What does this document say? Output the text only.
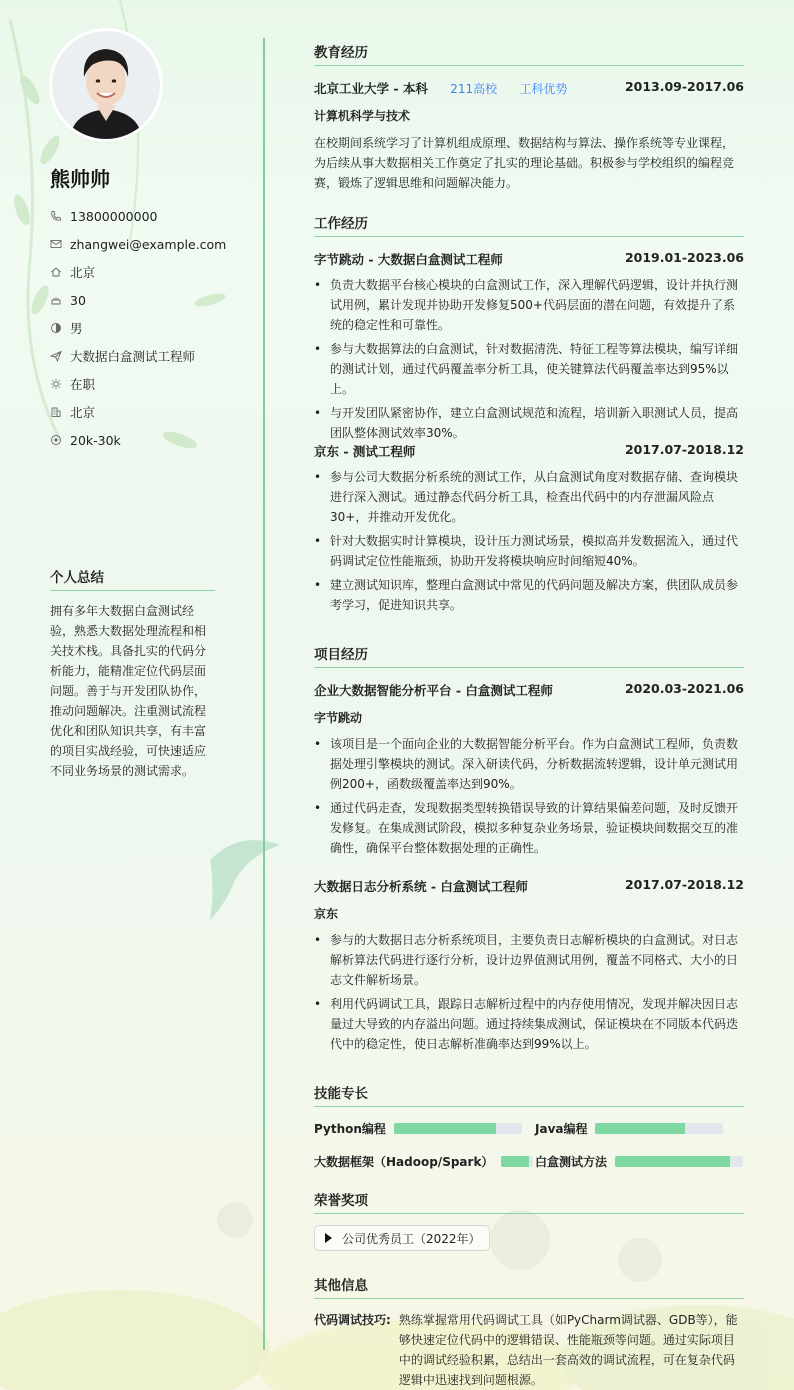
熊帅帅
13800000000
zhangwei@example.com
北京
30
男
大数据白盒测试工程师
在职
北京
20k-30k
个人总结
拥有多年大数据白盒测试经验，熟悉大数据处理流程和相关技术栈。具备扎实的代码分析能力，能精准定位代码层面问题。善于与开发团队协作，推动问题解决。注重测试流程优化和团队知识共享，有丰富的项目实战经验，可快速适应不同业务场景的测试需求。
教育经历
北京工业大学 - 本科 211高校 工科优势	2013.09-2017.06
计算机科学与技术
在校期间系统学习了计算机组成原理、数据结构与算法、操作系统等专业课程，为后续从事大数据相关工作奠定了扎实的理论基础。积极参与学校组织的编程竞赛，锻炼了逻辑思维和问题解决能力。
工作经历
字节跳动 - 大数据白盒测试工程师	2019.01-2023.06
• 负责大数据平台核心模块的白盒测试工作，深入理解代码逻辑，设计并执行测试用例，累计发现并协助开发修复500+代码层面的潜在问题，有效提升了系统的稳定性和可靠性。
• 参与大数据算法的白盒测试，针对数据清洗、特征工程等算法模块，编写详细的测试计划，通过代码覆盖率分析工具，使关键算法代码覆盖率达到95%以上。
• 与开发团队紧密协作，建立白盒测试规范和流程，培训新入职测试人员，提高团队整体测试效率30%。
京东 - 测试工程师	2017.07-2018.12
• 参与公司大数据分析系统的测试工作，从白盒测试角度对数据存储、查询模块进行深入测试。通过静态代码分析工具，检查出代码中的内存泄漏风险点30+，并推动开发优化。
• 针对大数据实时计算模块，设计压力测试场景，模拟高并发数据流入，通过代码调试定位性能瓶颈，协助开发将模块响应时间缩短40%。
• 建立测试知识库，整理白盒测试中常见的代码问题及解决方案，供团队成员参考学习，促进知识共享。
项目经历
企业大数据智能分析平台 - 白盒测试工程师	2020.03-2021.06
字节跳动
• 该项目是一个面向企业的大数据智能分析平台。作为白盒测试工程师，负责数据处理引擎模块的测试。深入研读代码，分析数据流转逻辑，设计单元测试用例200+，函数级覆盖率达到90%。
• 通过代码走查，发现数据类型转换错误导致的计算结果偏差问题，及时反馈开发修复。在集成测试阶段，模拟多种复杂业务场景，验证模块间数据交互的准确性，确保平台整体数据处理的正确性。
大数据日志分析系统 - 白盒测试工程师	2017.07-2018.12
京东
• 参与的大数据日志分析系统项目，主要负责日志解析模块的白盒测试。对日志解析算法代码进行逐行分析，设计边界值测试用例，覆盖不同格式、大小的日志文件解析场景。
• 利用代码调试工具，跟踪日志解析过程中的内存使用情况，发现并解决因日志量过大导致的内存溢出问题。通过持续集成测试，保证模块在不同版本代码迭代中的稳定性，使日志解析准确率达到99%以上。
技能专长
Python编程	Java编程
大数据框架（Hadoop/Spark）	白盒测试方法
荣誉奖项
公司优秀员工（2022年）
其他信息
代码调试技巧: 熟练掌握常用代码调试工具（如PyCharm调试器、GDB等），能够快速定位代码中的逻辑错误、性能瓶颈等问题。通过实际项目中的调试经验积累，总结出一套高效的调试流程，可在复杂代码逻辑中迅速找到问题根源。
